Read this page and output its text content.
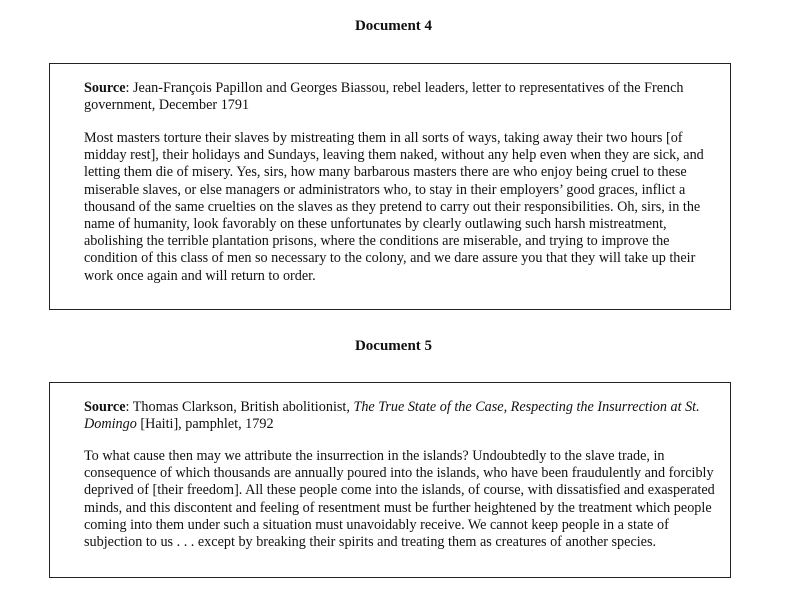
Document 4

Source: Jean-François Papillon and Georges Biassou, rebel leaders, letter to representatives of the French government, December 1791

Most masters torture their slaves by mistreating them in all sorts of ways, taking away their two hours [of midday rest], their holidays and Sundays, leaving them naked, without any help even when they are sick, and letting them die of misery. Yes, sirs, how many barbarous masters there are who enjoy being cruel to these miserable slaves, or else managers or administrators who, to stay in their employers’ good graces, inflict a thousand of the same cruelties on the slaves as they pretend to carry out their responsibilities. Oh, sirs, in the name of humanity, look favorably on these unfortunates by clearly outlawing such harsh mistreatment, abolishing the terrible plantation prisons, where the conditions are miserable, and trying to improve the condition of this class of men so necessary to the colony, and we dare assure you that they will take up their work once again and will return to order.

Document 5

Source: Thomas Clarkson, British abolitionist, The True State of the Case, Respecting the Insurrection at St. Domingo [Haiti], pamphlet, 1792

To what cause then may we attribute the insurrection in the islands? Undoubtedly to the slave trade, in consequence of which thousands are annually poured into the islands, who have been fraudulently and forcibly deprived of [their freedom]. All these people come into the islands, of course, with dissatisfied and exasperated minds, and this discontent and feeling of resentment must be further heightened by the treatment which people coming into them under such a situation must unavoidably receive. We cannot keep people in a state of subjection to us . . . except by breaking their spirits and treating them as creatures of another species.
